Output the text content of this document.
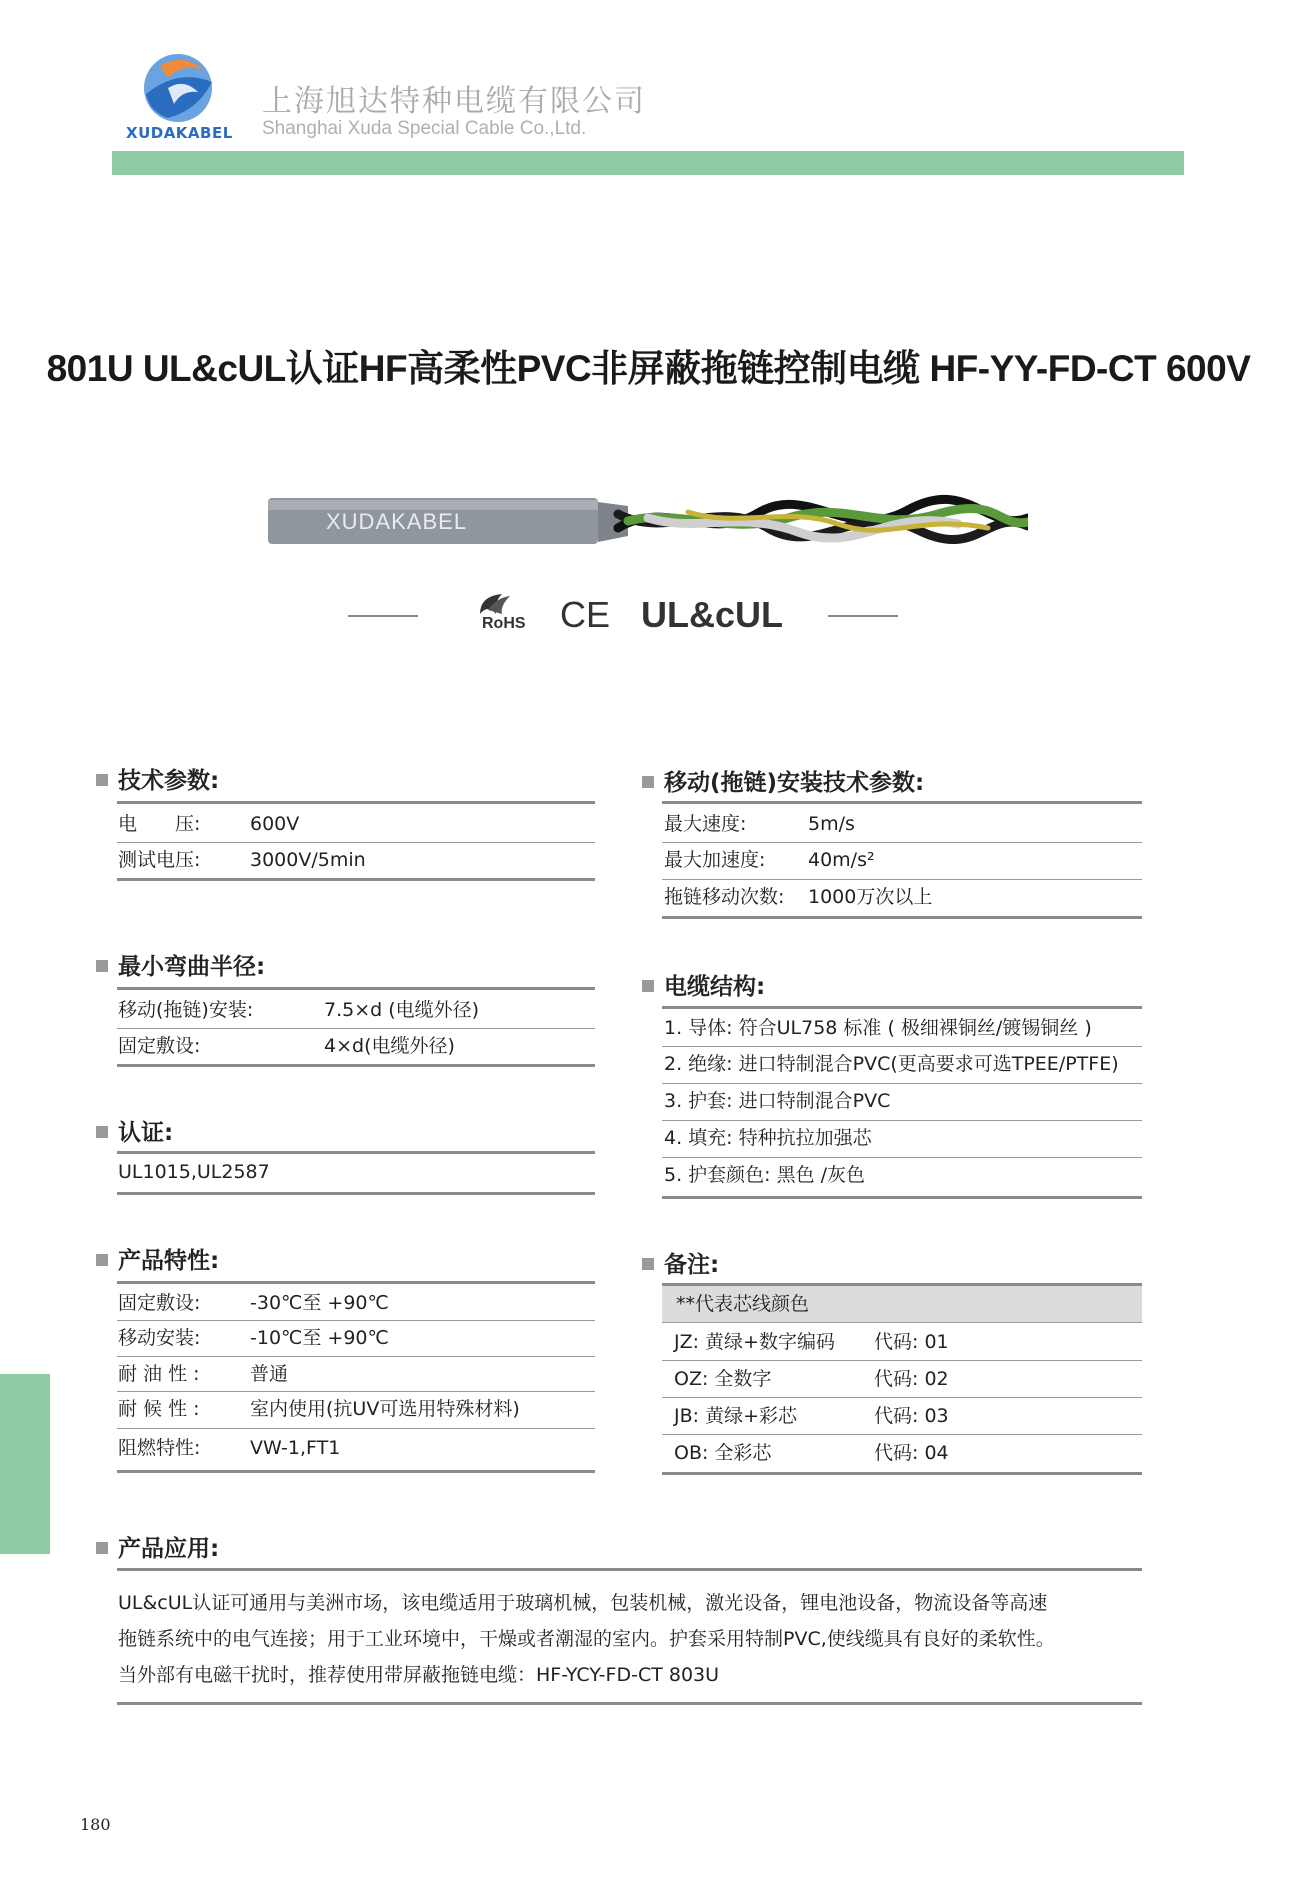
XUDAKABEL
上海旭达特种电缆有限公司
Shanghai Xuda Special Cable Co.,Ltd.
801U UL&cUL认证HF高柔性PVC非屏蔽拖链控制电缆 HF-YY-FD-CT 600V
XUDAKABEL
RoHS CE UL&cUL
技术参数:
电　　压:	600V
测试电压:	3000V/5min
最小弯曲半径:
移动(拖链)安装:	7.5×d (电缆外径)
固定敷设:	4×d(电缆外径)
认证:
UL1015,UL2587
产品特性:
固定敷设:	-30℃至 +90℃
移动安装:	-10℃至 +90℃
耐 油 性 :	普通
耐 候 性 :	室内使用(抗UV可选用特殊材料)
阻燃特性:	VW-1,FT1
移动(拖链)安装技术参数:
最大速度:	5m/s
最大加速度: 40m/s²
拖链移动次数: 1000万次以上
电缆结构:
1. 导体: 符合UL758 标准 ( 极细裸铜丝/镀锡铜丝 )
2. 绝缘: 进口特制混合PVC(更高要求可选TPEE/PTFE)
3. 护套: 进口特制混合PVC
4. 填充: 特种抗拉加强芯
5. 护套颜色: 黑色 /灰色
备注:
**代表芯线颜色
JZ: 黄绿+数字编码 代码: 01
OZ: 全数字	代码: 02
JB: 黄绿+彩芯	代码: 03
OB: 全彩芯	代码: 04
产品应用:
UL&cUL认证可通用与美洲市场，该电缆适用于玻璃机械，包装机械，激光设备，锂电池设备，物流设备等高速
拖链系统中的电气连接；用于工业环境中，干燥或者潮湿的室内。护套采用特制PVC,使线缆具有良好的柔软性。
当外部有电磁干扰时，推荐使用带屏蔽拖链电缆：HF-YCY-FD-CT 803U
180
